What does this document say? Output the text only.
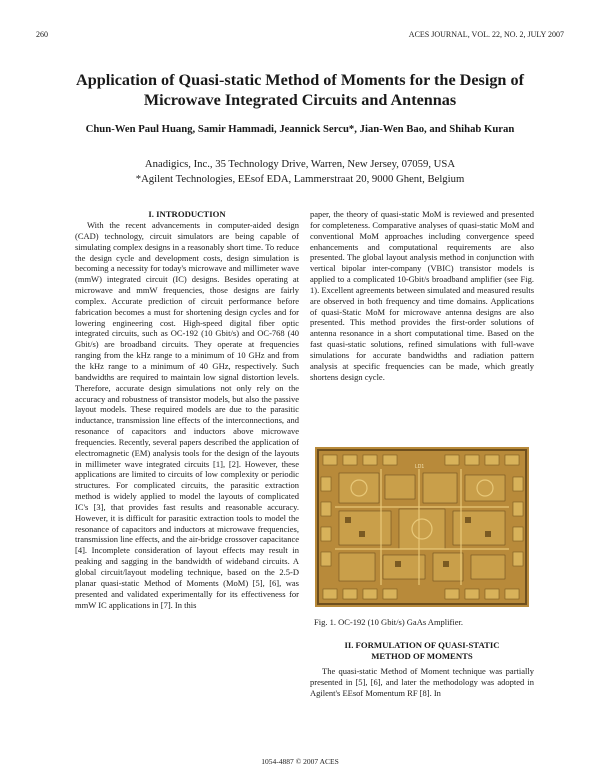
260	ACES JOURNAL, VOL. 22, NO. 2, JULY 2007
Application of Quasi-static Method of Moments for the Design of Microwave Integrated Circuits and Antennas
Chun-Wen Paul Huang, Samir Hammadi, Jeannick Sercu*, Jian-Wen Bao, and Shihab Kuran
Anadigics, Inc., 35 Technology Drive, Warren, New Jersey, 07059, USA
*Agilent Technologies, EEsof EDA, Lammerstraat 20, 9000 Ghent, Belgium

I. INTRODUCTION

With the recent advancements in computer-aided design (CAD) technology, circuit simulators are being capable of simulating complex designs in a reasonably short time. To reduce the design cycle and development costs, design simulation is becoming a necessity for today's microwave and millimeter wave (mmW) integrated circuit (IC) designs. Besides operating at microwave and mmW frequencies, those designs are fairly complex. Accurate prediction of circuit performance before fabrication becomes a must for shortening design cycles and for lowering engineering cost. High-speed digital fiber optic integrated circuits, such as OC-192 (10 Gbit/s) and OC-768 (40 Gbit/s) are broadband circuits. They operate at frequencies ranging from the kHz range to a minimum of 10 GHz and from the kHz range to a minimum of 40 GHz, respectively. Such bandwidths are required to maintain low signal distortion levels. Therefore, accurate design simulations not only rely on the accuracy and robustness of transistor models, but also the passive layout models. These required models are due to the parasitic inductance, transmission line effects of the interconnections, and resonance of capacitors and inductors above microwave frequencies. Recently, several papers described the application of electromagnetic (EM) analysis tools for the design of the layouts in millimeter wave integrated circuits [1], [2]. However, these applications are limited to circuits of low complexity or periodic structures. For complicated circuits, the parasitic extraction method is widely applied to model the layouts of complicated IC's [3], that provides fast results and reasonable accuracy. However, it is difficult for parasitic extraction tools to model the resonance of capacitors and inductors at microwave frequencies, transmission line effects, and the air-bridge crossover capacitance [4]. Incomplete consideration of layout effects may result in peaking and sagging in the bandwidth of wideband circuits. A global circuit/layout modeling technique, based on the 2.5-D planar quasi-static Method of Moments (MoM) [5], [6], was presented and validated experimentally for its effectiveness for mmW IC applications in [7]. In this

paper, the theory of quasi-static MoM is reviewed and presented for completeness. Comparative analyses of quasi-static MoM and conventional MoM approaches including convergence speed enhancements and computational requirements are also presented. The global layout analysis method in conjunction with vertical bipolar inter-company (VBIC) transistor models is applied to a complicated 10-Gbit/s broadband amplifier (see Fig. 1). Excellent agreements between simulated and measured results are observed in both frequency and time domains. Applications of quasi-Static MoM for microwave antenna designs are also presented. This method provides the first-order solutions of antenna resonance in a short computational time. Based on the fast quasi-static solutions, refined simulations with full-wave simulations for accurate bandwidths and radiation pattern analysis at specific frequencies can be made, which greatly shortens design cycle.

LD1
Fig. 1. OC-192 (10 Gbit/s) GaAs Amplifier.

II. FORMULATION OF QUASI-STATIC
METHOD OF MOMENTS

The quasi-static Method of Moment technique was partially presented in [5], [6], and later the methodology was adopted in Agilent's EEsof Momentum RF [8]. In

1054-4887 © 2007 ACES
